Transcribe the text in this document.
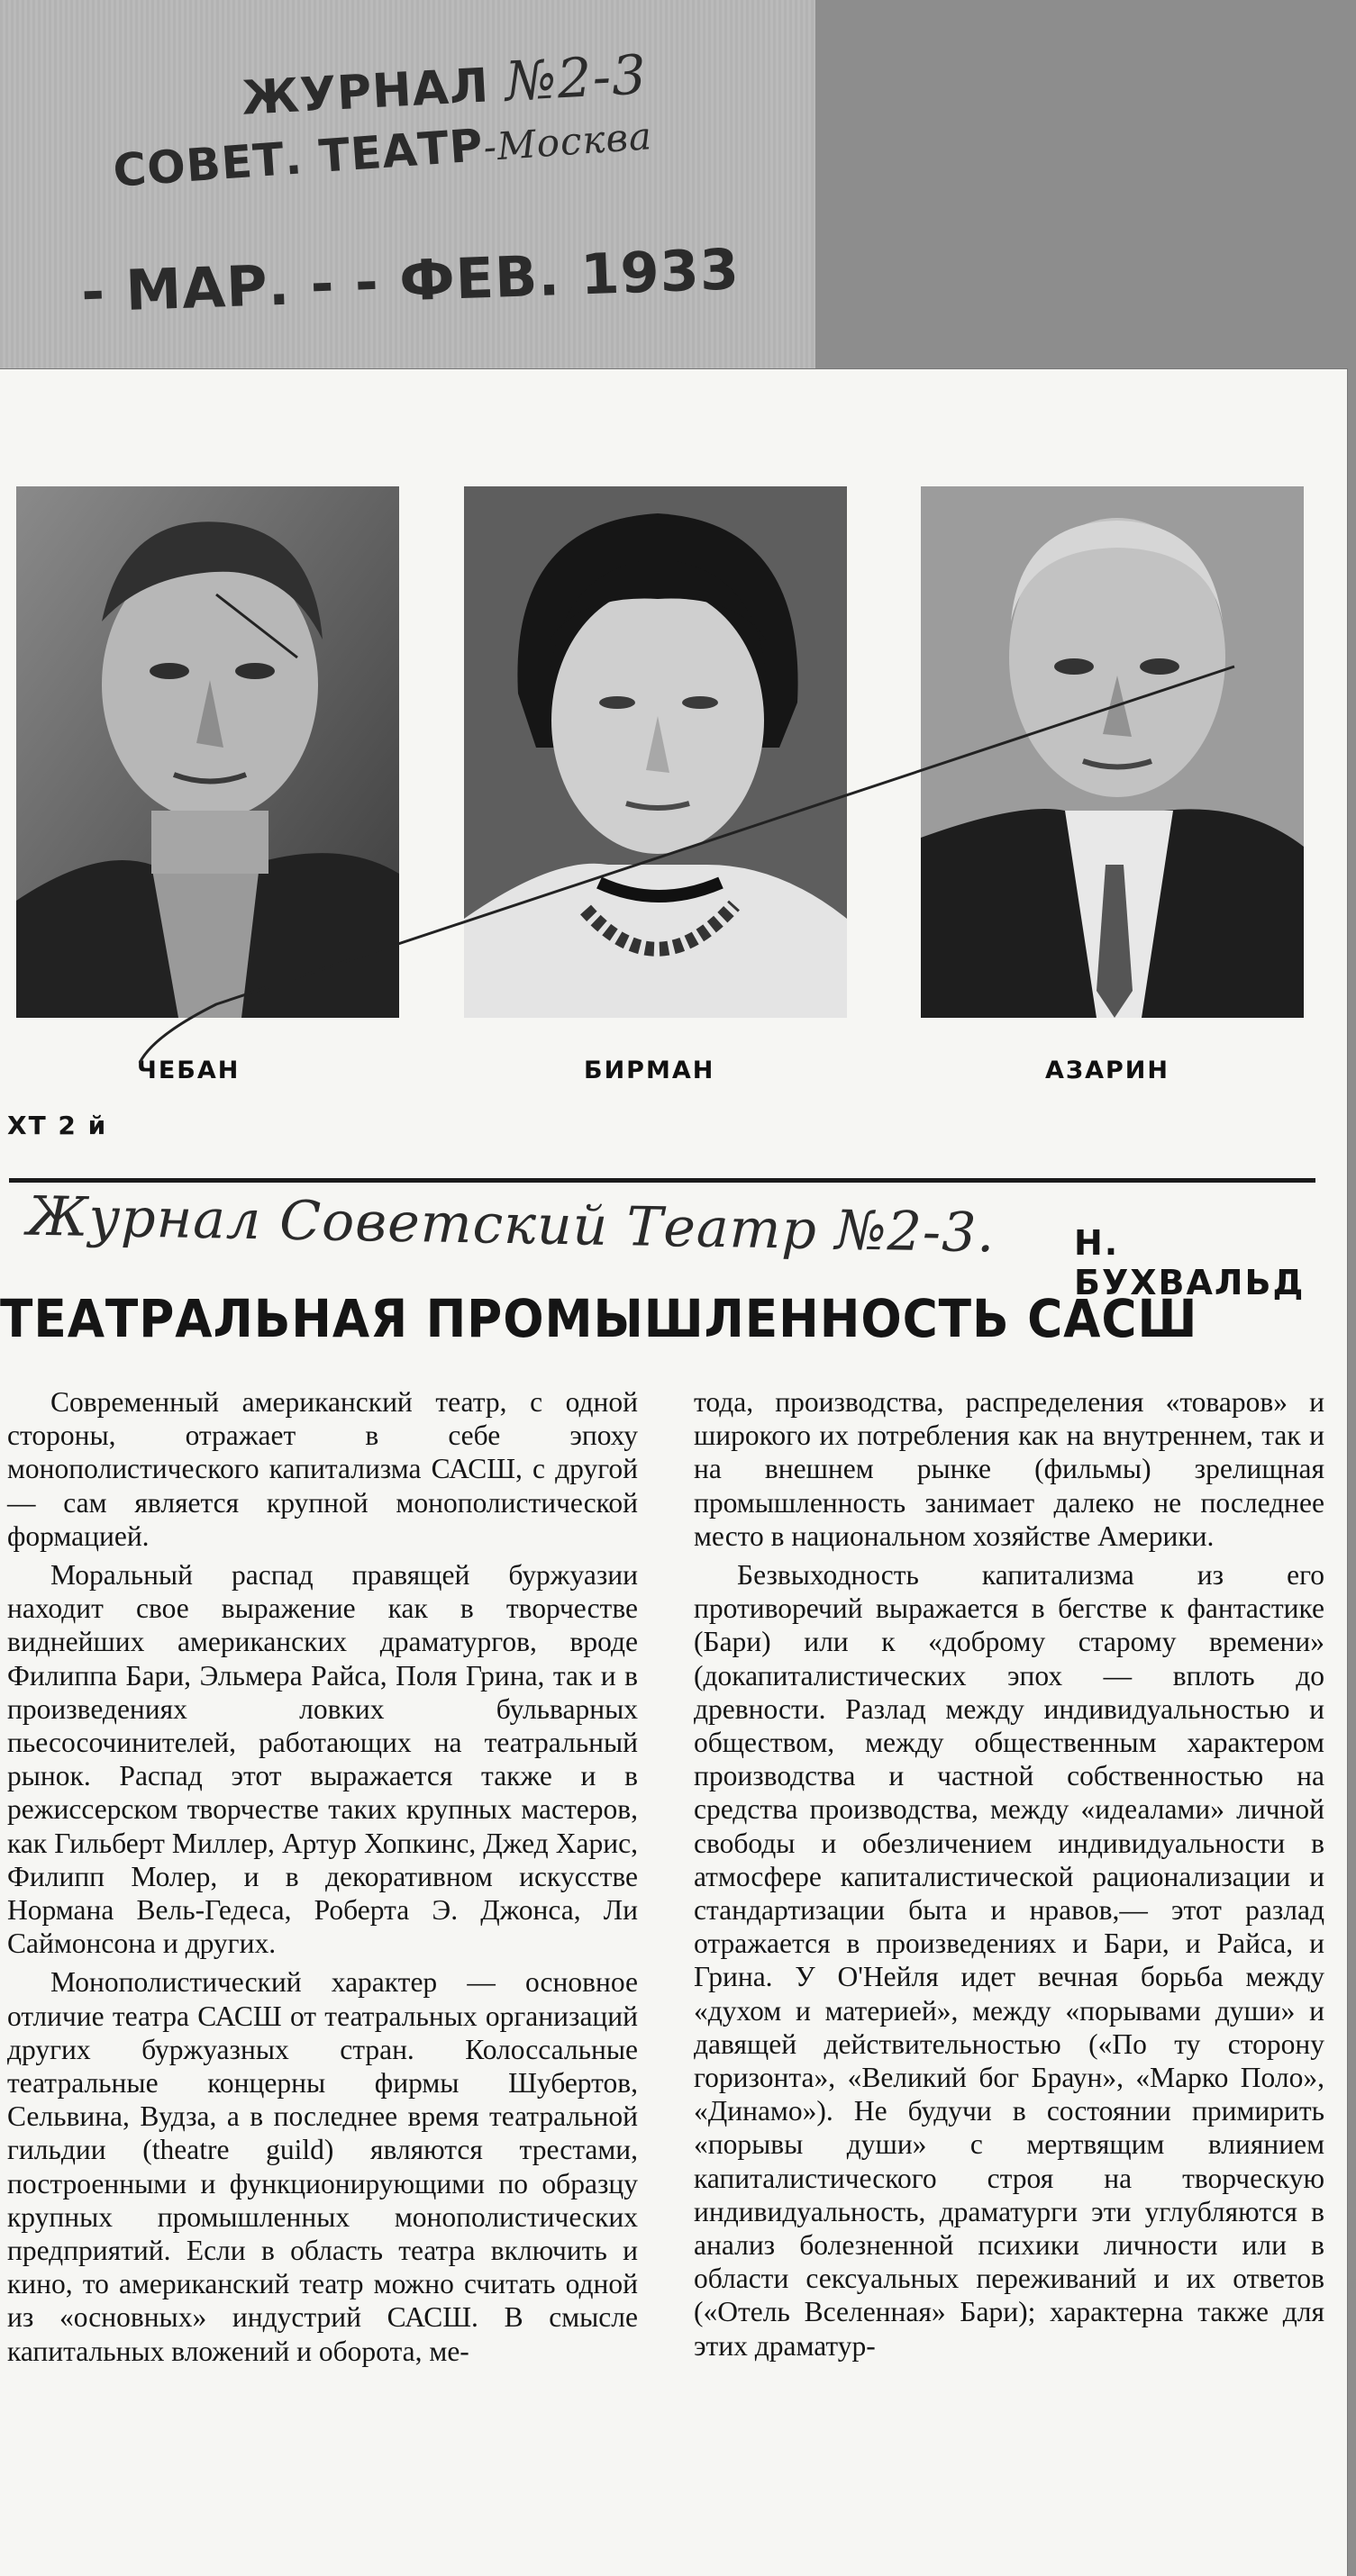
ЖУРНАЛ №2-3
СОВЕТ. ТЕАТР-Москва
- МАР. - - ФЕВ. 1933
ЧЕБАН	БИРМАН	АЗАРИН
ХТ 2 й
Журнал Советский Театр №2-3. Н. БУХВАЛЬД
ТЕАТРАЛЬНАЯ ПРОМЫШЛЕННОСТЬ САСШ

Современный американский театр, с одной стороны, отражает в себе эпоху монополистического капитализма САСШ, с другой — сам является крупной монополистической формацией.

Моральный распад правящей буржуазии находит свое выражение как в творчестве виднейших американских драматургов, вроде Филиппа Бари, Эльмера Райса, Поля Грина, так и в произведениях ловких бульварных пьесосочинителей, работающих на театральный рынок. Распад этот выражается также и в режиссерском творчестве таких крупных мастеров, как Гильберт Миллер, Артур Хопкинс, Джед Харис, Филипп Молер, и в декоративном искусстве Нормана Вель-Гедеса, Роберта Э. Джонса, Ли Саймонсона и других.

Монополистический характер — основное отличие театра САСШ от театральных организаций других буржуазных стран. Колоссальные театральные концерны фирмы Шубертов, Сельвина, Вудза, а в последнее время театральной гильдии (theatre guild) являются трестами, построенными и функционирующими по образцу крупных промышленных монополистических предприятий. Если в область театра включить и кино, то американский театр можно считать одной из «основных» индустрий САСШ. В смысле капитальных вложений и оборота, ме-

тода, производства, распределения «товаров» и широкого их потребления как на внутреннем, так и на внешнем рынке (фильмы) зрелищная промышленность занимает далеко не последнее место в национальном хозяйстве Америки.

Безвыходность капитализма из его противоречий выражается в бегстве к фантастике (Бари) или к «доброму старому времени» (докапиталистических эпох — вплоть до древности. Разлад между индивидуальностью и обществом, между общественным характером производства и частной собственностью на средства производства, между «идеалами» личной свободы и обезличением индивидуальности в атмосфере капиталистической рационализации и стандартизации быта и нравов,— этот разлад отражается в произведениях и Бари, и Райса, и Грина. У О'Нейля идет вечная борьба между «духом и материей», между «порывами души» и давящей действительностью («По ту сторону горизонта», «Великий бог Браун», «Марко Поло», «Динамо»). Не будучи в состоянии примирить «порывы души» с мертвящим влиянием капиталистического строя на творческую индивидуальность, драматурги эти углубляются в анализ болезненной психики личности или в области сексуальных переживаний и их ответов («Отель Вселенная» Бари); характерна также для этих драматур-
